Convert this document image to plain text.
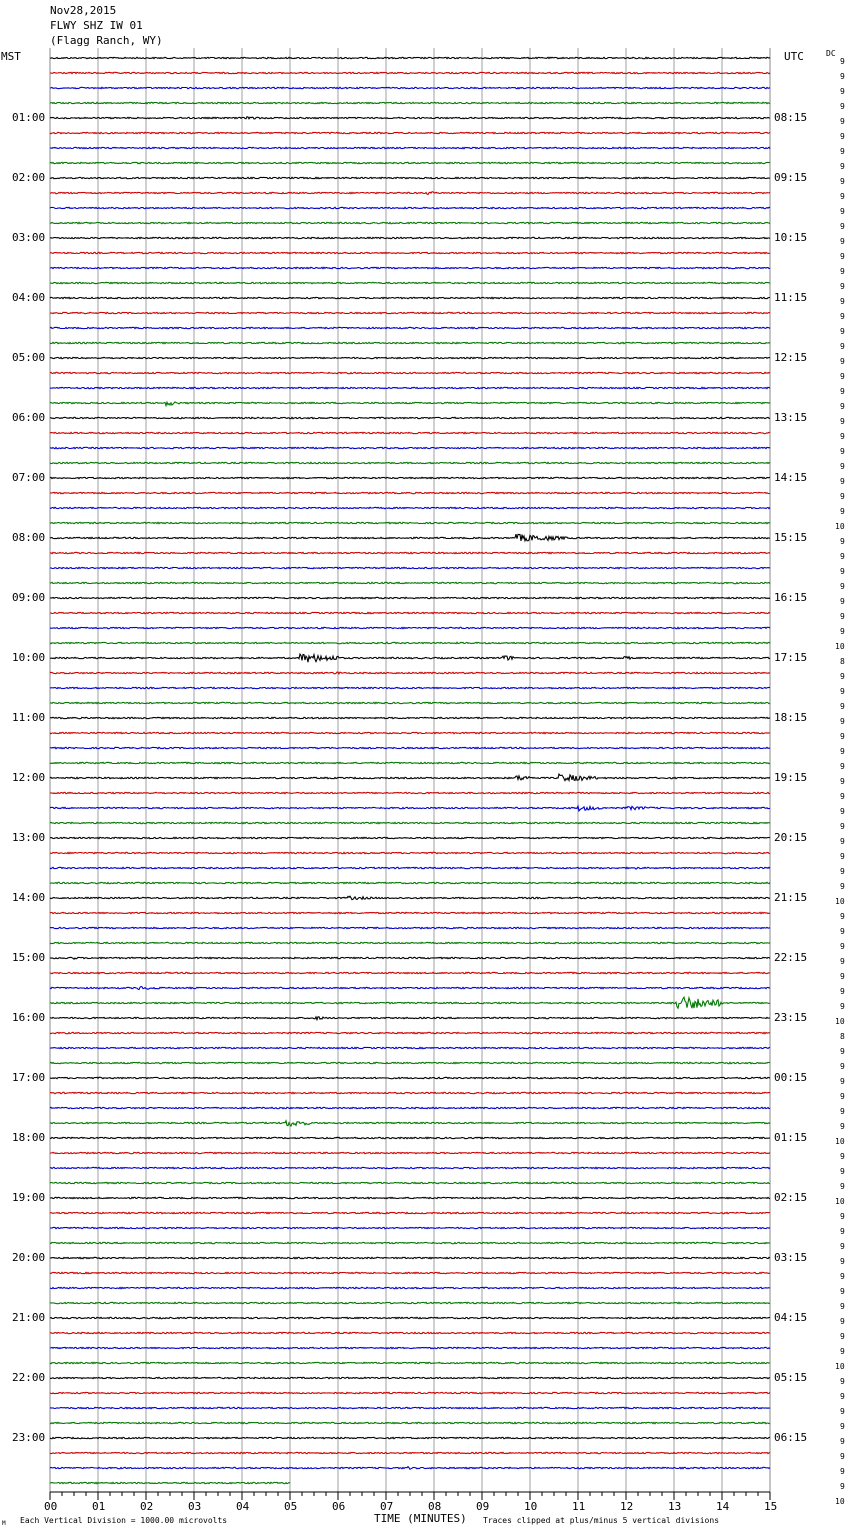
Nov28,2015
FLWY SHZ IW 01
(Flagg Ranch, WY)
MST	UTC	DC
01:00
02:00
03:00
04:00
05:00
06:00
07:00
08:00
09:00
10:00
11:00
12:00
13:00
14:00
15:00
16:00
17:00
18:00
19:00
20:00
21:00
22:00
23:00
08:15
09:15
10:15
11:15
12:15
13:15
14:15
15:15
16:15
17:15
18:15
19:15
20:15
21:15
22:15
23:15
00:15
01:15
02:15
03:15
04:15
05:15
06:15
9
9
9
9
9
9
9
9
9
9
9
9
9
9
9
9
9
9
9
9
9
9
9
9
9
9
9
9
9
9
9
10
9
9
9
9
9
9
9
10
8
9
9
9
9
9
9
9
9
9
9
9
9
9
9
9
10
9
9
9
9
9
9
9
10
8
9
9
9
9
9
9
10
9
9
9
10
9
9
9
9
9
9
9
9
9
9
10
9
9
9
9
9
9
9
9
10
00	01	02	03	04	05	06	07	08	09	10	11	12	13	14	15
TIME (MINUTES)
Each Vertical Division = 1000.00 microvolts	Traces clipped at plus/minus 5 vertical divisions
M
